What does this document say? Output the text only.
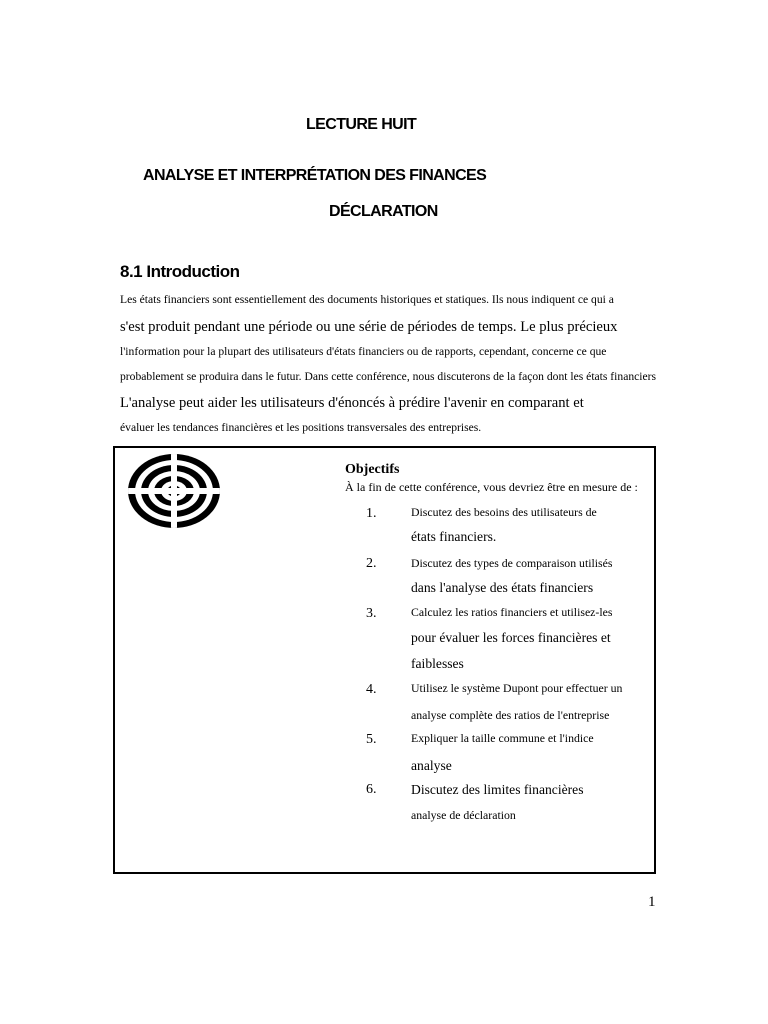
LECTURE HUIT
ANALYSE ET INTERPRÉTATION DES FINANCES
DÉCLARATION
8.1 Introduction

Les états financiers sont essentiellement des documents historiques et statiques. Ils nous indiquent ce qui a

s'est produit pendant une période ou une série de périodes de temps. Le plus précieux

l'information pour la plupart des utilisateurs d'états financiers ou de rapports, cependant, concerne ce que

probablement se produira dans le futur. Dans cette conférence, nous discuterons de la façon dont les états financiers

L'analyse peut aider les utilisateurs d'énoncés à prédire l'avenir en comparant et

évaluer les tendances financières et les positions transversales des entreprises.

Objectifs

À la fin de cette conférence, vous devriez être en mesure de :

1.	Discutez des besoins des utilisateurs de

états financiers.

2.	Discutez des types de comparaison utilisés

dans l'analyse des états financiers

3.	Calculez les ratios financiers et utilisez-les

pour évaluer les forces financières et

faiblesses

4.	Utilisez le système Dupont pour effectuer un

analyse complète des ratios de l'entreprise

5.	Expliquer la taille commune et l'indice

analyse

6.	Discutez des limites financières

analyse de déclaration

1
